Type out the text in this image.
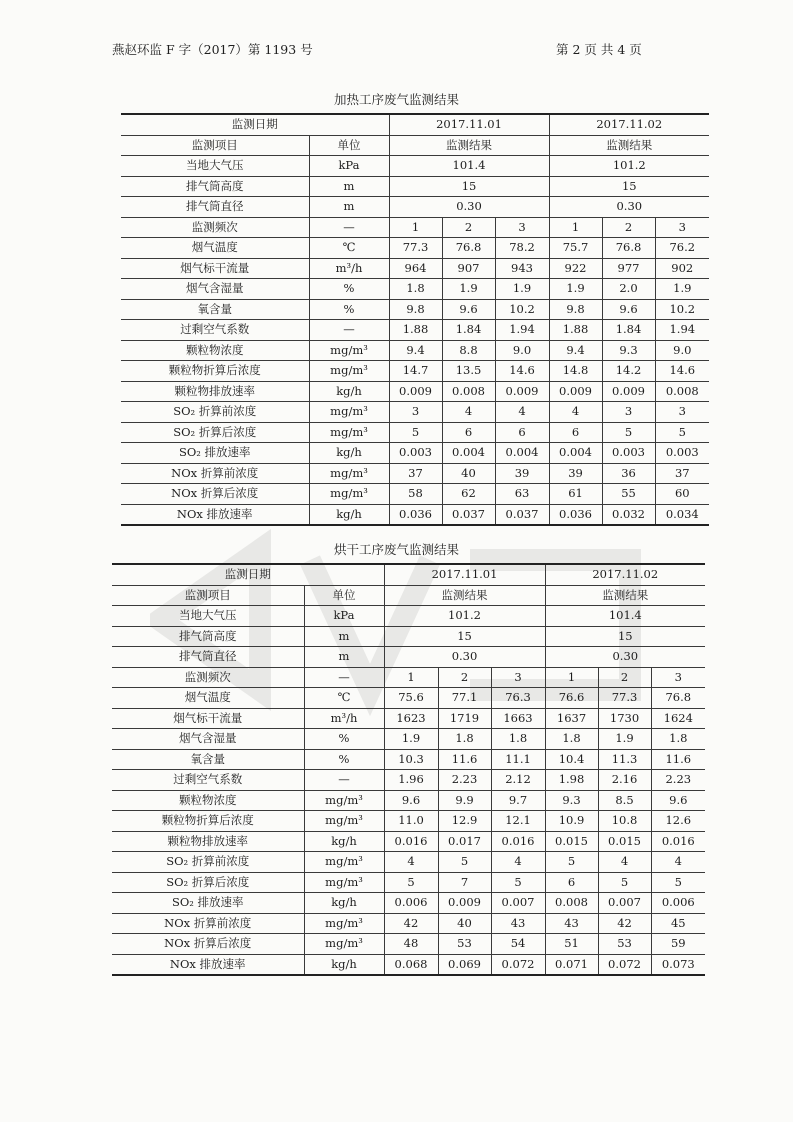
燕赵环监 F 字（2017）第 1193 号	第 2 页 共 4 页
加热工序废气监测结果
监测日期		2017.11.01			2017.11.02		
监测项目	单位	监测结果			监测结果		
当地大气压	kPa	101.4			101.2		
排气筒高度	m	15			15		
排气筒直径	m	0.30			0.30		
监测频次	—	1	2	3	1	2	3
烟气温度	℃	77.3	76.8	78.2	75.7	76.8	76.2
烟气标干流量	m³/h	964	907	943	922	977	902
烟气含湿量	%	1.8	1.9	1.9	1.9	2.0	1.9
氧含量	%	9.8	9.6	10.2	9.8	9.6	10.2
过剩空气系数	—	1.88	1.84	1.94	1.88	1.84	1.94
颗粒物浓度	mg/m³	9.4	8.8	9.0	9.4	9.3	9.0
颗粒物折算后浓度	mg/m³	14.7	13.5	14.6	14.8	14.2	14.6
颗粒物排放速率	kg/h	0.009	0.008	0.009	0.009	0.009	0.008
SO₂ 折算前浓度	mg/m³	3	4	4	4	3	3
SO₂ 折算后浓度	mg/m³	5	6	6	6	5	5
SO₂ 排放速率	kg/h	0.003	0.004	0.004	0.004	0.003	0.003
NOx 折算前浓度	mg/m³	37	40	39	39	36	37
NOx 折算后浓度	mg/m³	58	62	63	61	55	60
NOx 排放速率	kg/h	0.036	0.037	0.037	0.036	0.032	0.034
烘干工序废气监测结果
监测日期		2017.11.01			2017.11.02		
监测项目	单位	监测结果			监测结果		
当地大气压	kPa	101.2			101.4		
排气筒高度	m	15			15		
排气筒直径	m	0.30			0.30		
监测频次	—	1	2	3	1	2	3
烟气温度	℃	75.6	77.1	76.3	76.6	77.3	76.8
烟气标干流量	m³/h	1623	1719	1663	1637	1730	1624
烟气含湿量	%	1.9	1.8	1.8	1.8	1.9	1.8
氧含量	%	10.3	11.6	11.1	10.4	11.3	11.6
过剩空气系数	—	1.96	2.23	2.12	1.98	2.16	2.23
颗粒物浓度	mg/m³	9.6	9.9	9.7	9.3	8.5	9.6
颗粒物折算后浓度	mg/m³	11.0	12.9	12.1	10.9	10.8	12.6
颗粒物排放速率	kg/h	0.016	0.017	0.016	0.015	0.015	0.016
SO₂ 折算前浓度	mg/m³	4	5	4	5	4	4
SO₂ 折算后浓度	mg/m³	5	7	5	6	5	5
SO₂ 排放速率	kg/h	0.006	0.009	0.007	0.008	0.007	0.006
NOx 折算前浓度	mg/m³	42	40	43	43	42	45
NOx 折算后浓度	mg/m³	48	53	54	51	53	59
NOx 排放速率	kg/h	0.068	0.069	0.072	0.071	0.072	0.073
